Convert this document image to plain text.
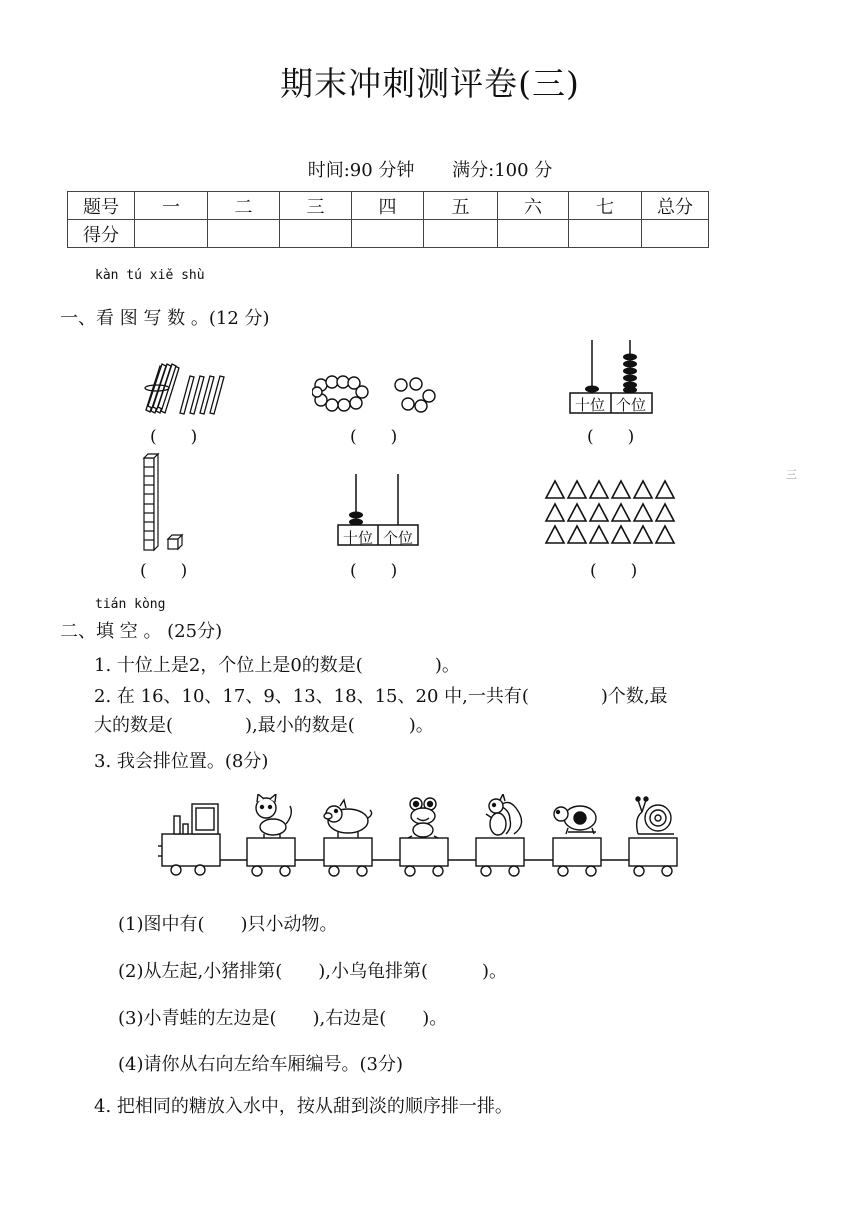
期末冲刺测评卷(三)
时间:90 分钟 满分:100 分
题号	一	二	三	四	五	六	七	总分
得分								
kàn tú xiě shù
一、看 图 写 数 。(12 分)
(　　)	(　　)
十位 个位
(　　)
三
(　　)
十位 个位
(　　)	(　　)
tián kòng
二、填 空 。 (25分)
1. 十位上是2，个位上是0的数是(　　　　)。
2. 在 16、10、17、9、13、18、15、20 中,一共有(　　　　)个数,最
大的数是(　　　　),最小的数是(　　　)。
3. 我会排位置。(8分)
(1)图中有(　　)只小动物。
(2)从左起,小猪排第(　　),小乌龟排第(　　　)。
(3)小青蛙的左边是(　　),右边是(　　)。
(4)请你从右向左给车厢编号。(3分)
4. 把相同的糖放入水中，按从甜到淡的顺序排一排。
